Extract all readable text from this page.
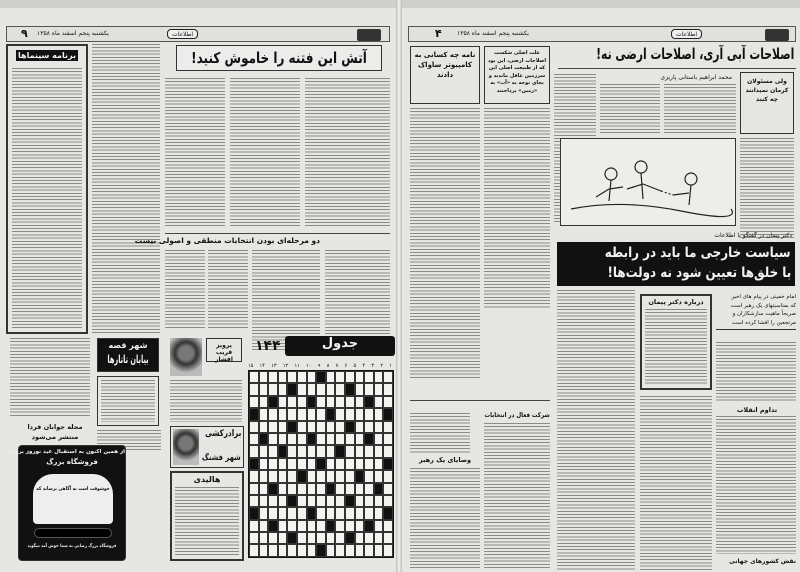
۹ یکشنبه پنجم اسفند ماه ۱۳۵۸	اطلاعات
آتش این فتنه را خاموش کنید!
برنامه سینماها
دو مرحله‌ای بودن انتخابات منطقی و اصولی نیست
پرویز قریب افشار
شهر قصه
بیابان تاتارها
مجله جوانان فردا
منتشر می‌شود
از همین اکنون به استقبال عید نوروز بروید
فروشگاه بزرگ
خوشوقت است به آگاهی برساند که
فروشگاه بزرگ رضایی به شما خوش آمد میگوید
برادرکشی
شهر فشنگ
هالیدی
۱۴۴	جدول
۱
۲
۳
۴
۵
۶
۷
۸
۹
۱۰
۱۱
۱۲
۱۳
۱۴
۱۵
۴	یکشنبه پنجم اسفند ماه ۱۳۵۸	اطلاعات
اصلاحات آبی آری، اصلاحات ارضی نه!
نامه چه کسانی به کامپیوتر ساواک دادند
علت اصلی شکست اصلاحات ارضی، این بود که از طبیعت اصلی این سرزمین غافل ماندند و بجای توجه به «آب» به «زمین» پرداختند
ولی مسئولان کرمان نمیدانند چه کنند
محمد ابراهیم باستانی پاریزی
دکتر پیمان در گفتگو با اطلاعات
سیاست خارجی ما باید در رابطه
با خلق‌ها تعیین شود نه دولت‌ها!
درباره دکتر پیمان
امام خمینی در پیام های اخیر
که بمناسبتهای یک رهبر است
صریحاً ماهیت سازشکاران و
مرتجعین را افشا کرده است
تداوم انقلاب
نقش کشورهای جهانی
شرکت فعال در انتخابات
وصایای یک رهبر
